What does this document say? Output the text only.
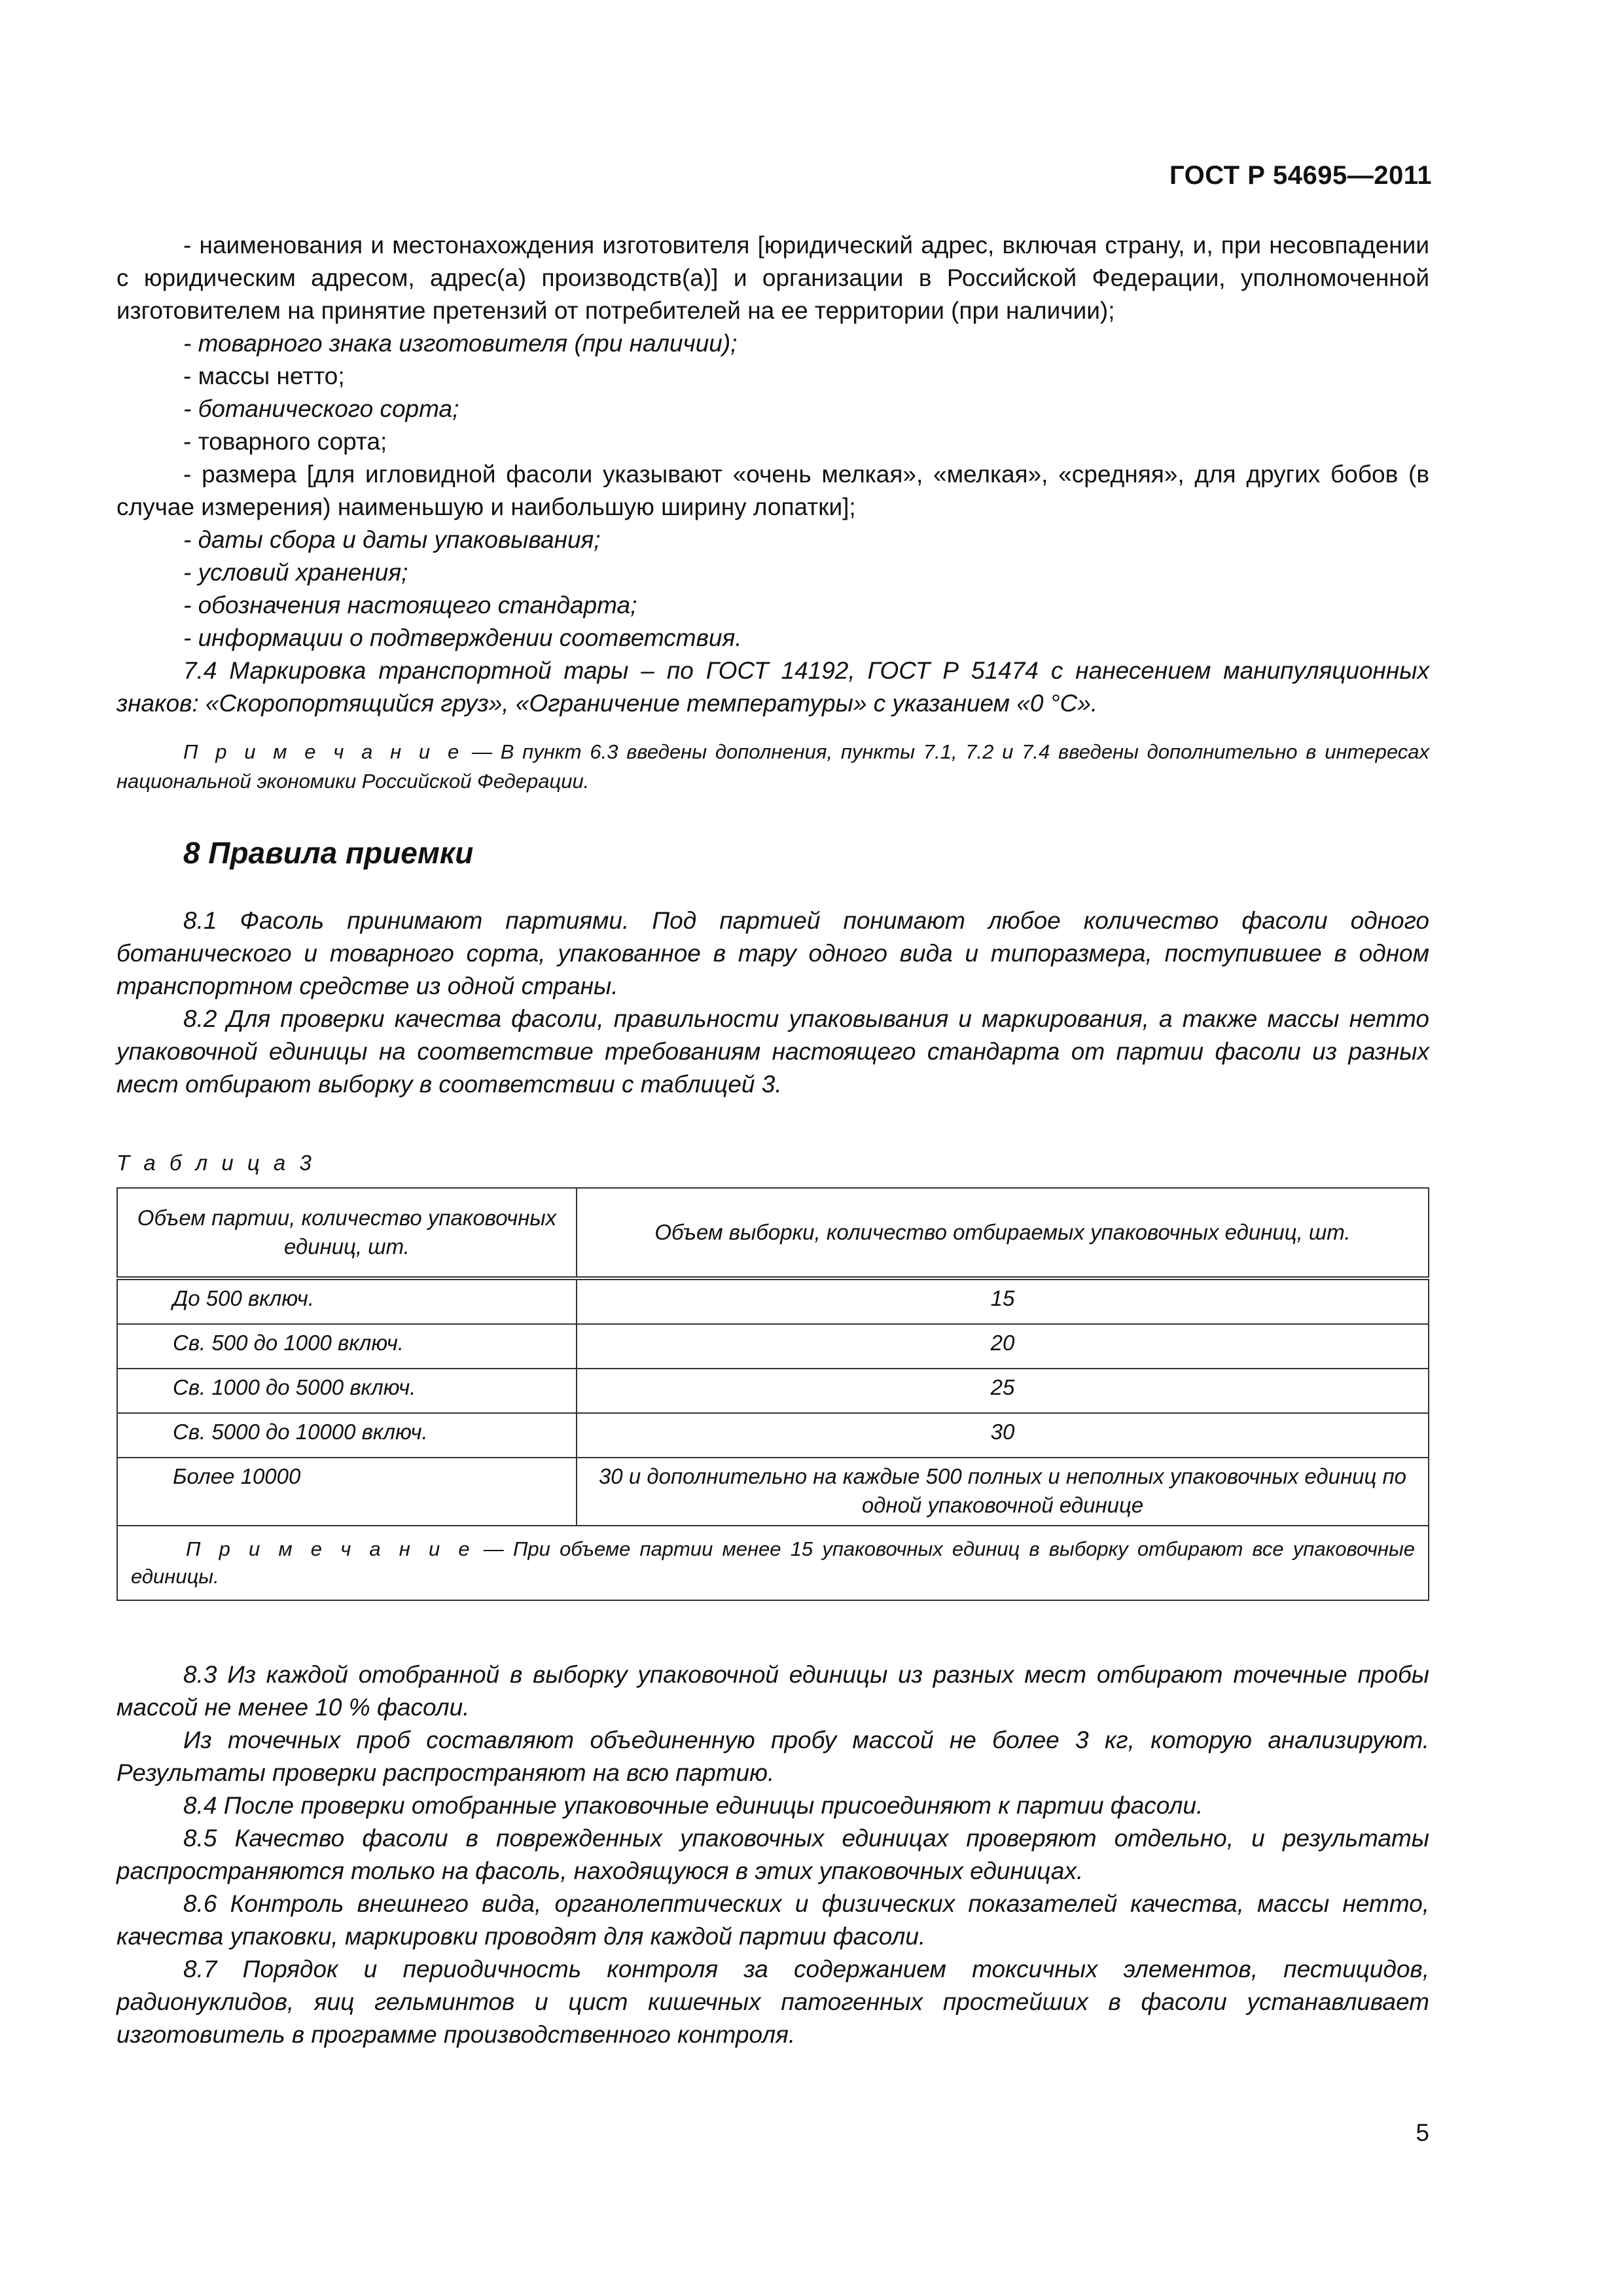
ГОСТ Р 54695—2011

- наименования и местонахождения изготовителя [юридический адрес, включая страну, и, при несовпадении с юридическим адресом, адрес(а) производств(а)] и организации в Российской Федерации, уполномоченной изготовителем на принятие претензий от потребителей на ее территории (при наличии);

- товарного знака изготовителя (при наличии);

- массы нетто;

- ботанического сорта;

- товарного сорта;

- размера [для игловидной фасоли указывают «очень мелкая», «мелкая», «средняя», для других бобов (в случае измерения) наименьшую и наибольшую ширину лопатки];

- даты сбора и даты упаковывания;

- условий хранения;

- обозначения настоящего стандарта;

- информации о подтверждении соответствия.

7.4 Маркировка транспортной тары – по ГОСТ 14192, ГОСТ Р 51474 с нанесением манипуляционных знаков: «Скоропортящийся груз», «Ограничение температуры» с указанием «0 °С».

П р и м е ч а н и е — В пункт 6.3 введены дополнения, пункты 7.1, 7.2 и 7.4 введены дополнительно в интересах национальной экономики Российской Федерации.

8 Правила приемки

8.1 Фасоль принимают партиями. Под партией понимают любое количество фасоли одного ботанического и товарного сорта, упакованное в тару одного вида и типоразмера, поступившее в одном транспортном средстве из одной страны.

8.2 Для проверки качества фасоли, правильности упаковывания и маркирования, а также массы нетто упаковочной единицы на соответствие требованиям настоящего стандарта от партии фасоли из разных мест отбирают выборку в соответствии с таблицей 3.

Т а б л и ц а 3

Объем партии, количество упаковочных единиц, шт.	Объем выборки, количество отбираемых упаковочных единиц, шт.
До 500 включ.	15
Св. 500 до 1000 включ.	20
Св. 1000 до 5000 включ.	25
Св. 5000 до 10000 включ.	30
Более 10000	30 и дополнительно на каждые 500 полных и неполных упаковочных единиц по одной упаковочной единице
П р и м е ч а н и е — При объеме партии менее 15 упаковочных единиц в выборку отбирают все упаковочные единицы.	

8.3 Из каждой отобранной в выборку упаковочной единицы из разных мест отбирают точечные пробы массой не менее 10 % фасоли.

Из точечных проб составляют объединенную пробу массой не более 3 кг, которую анализируют. Результаты проверки распространяют на всю партию.

8.4 После проверки отобранные упаковочные единицы присоединяют к партии фасоли.

8.5 Качество фасоли в поврежденных упаковочных единицах проверяют отдельно, и результаты распространяются только на фасоль, находящуюся в этих упаковочных единицах.

8.6 Контроль внешнего вида, органолептических и физических показателей качества, массы нетто, качества упаковки, маркировки проводят для каждой партии фасоли.

8.7 Порядок и периодичность контроля за содержанием токсичных элементов, пестицидов, радионуклидов, яиц гельминтов и цист кишечных патогенных простейших в фасоли устанавливает изготовитель в программе производственного контроля.

5
